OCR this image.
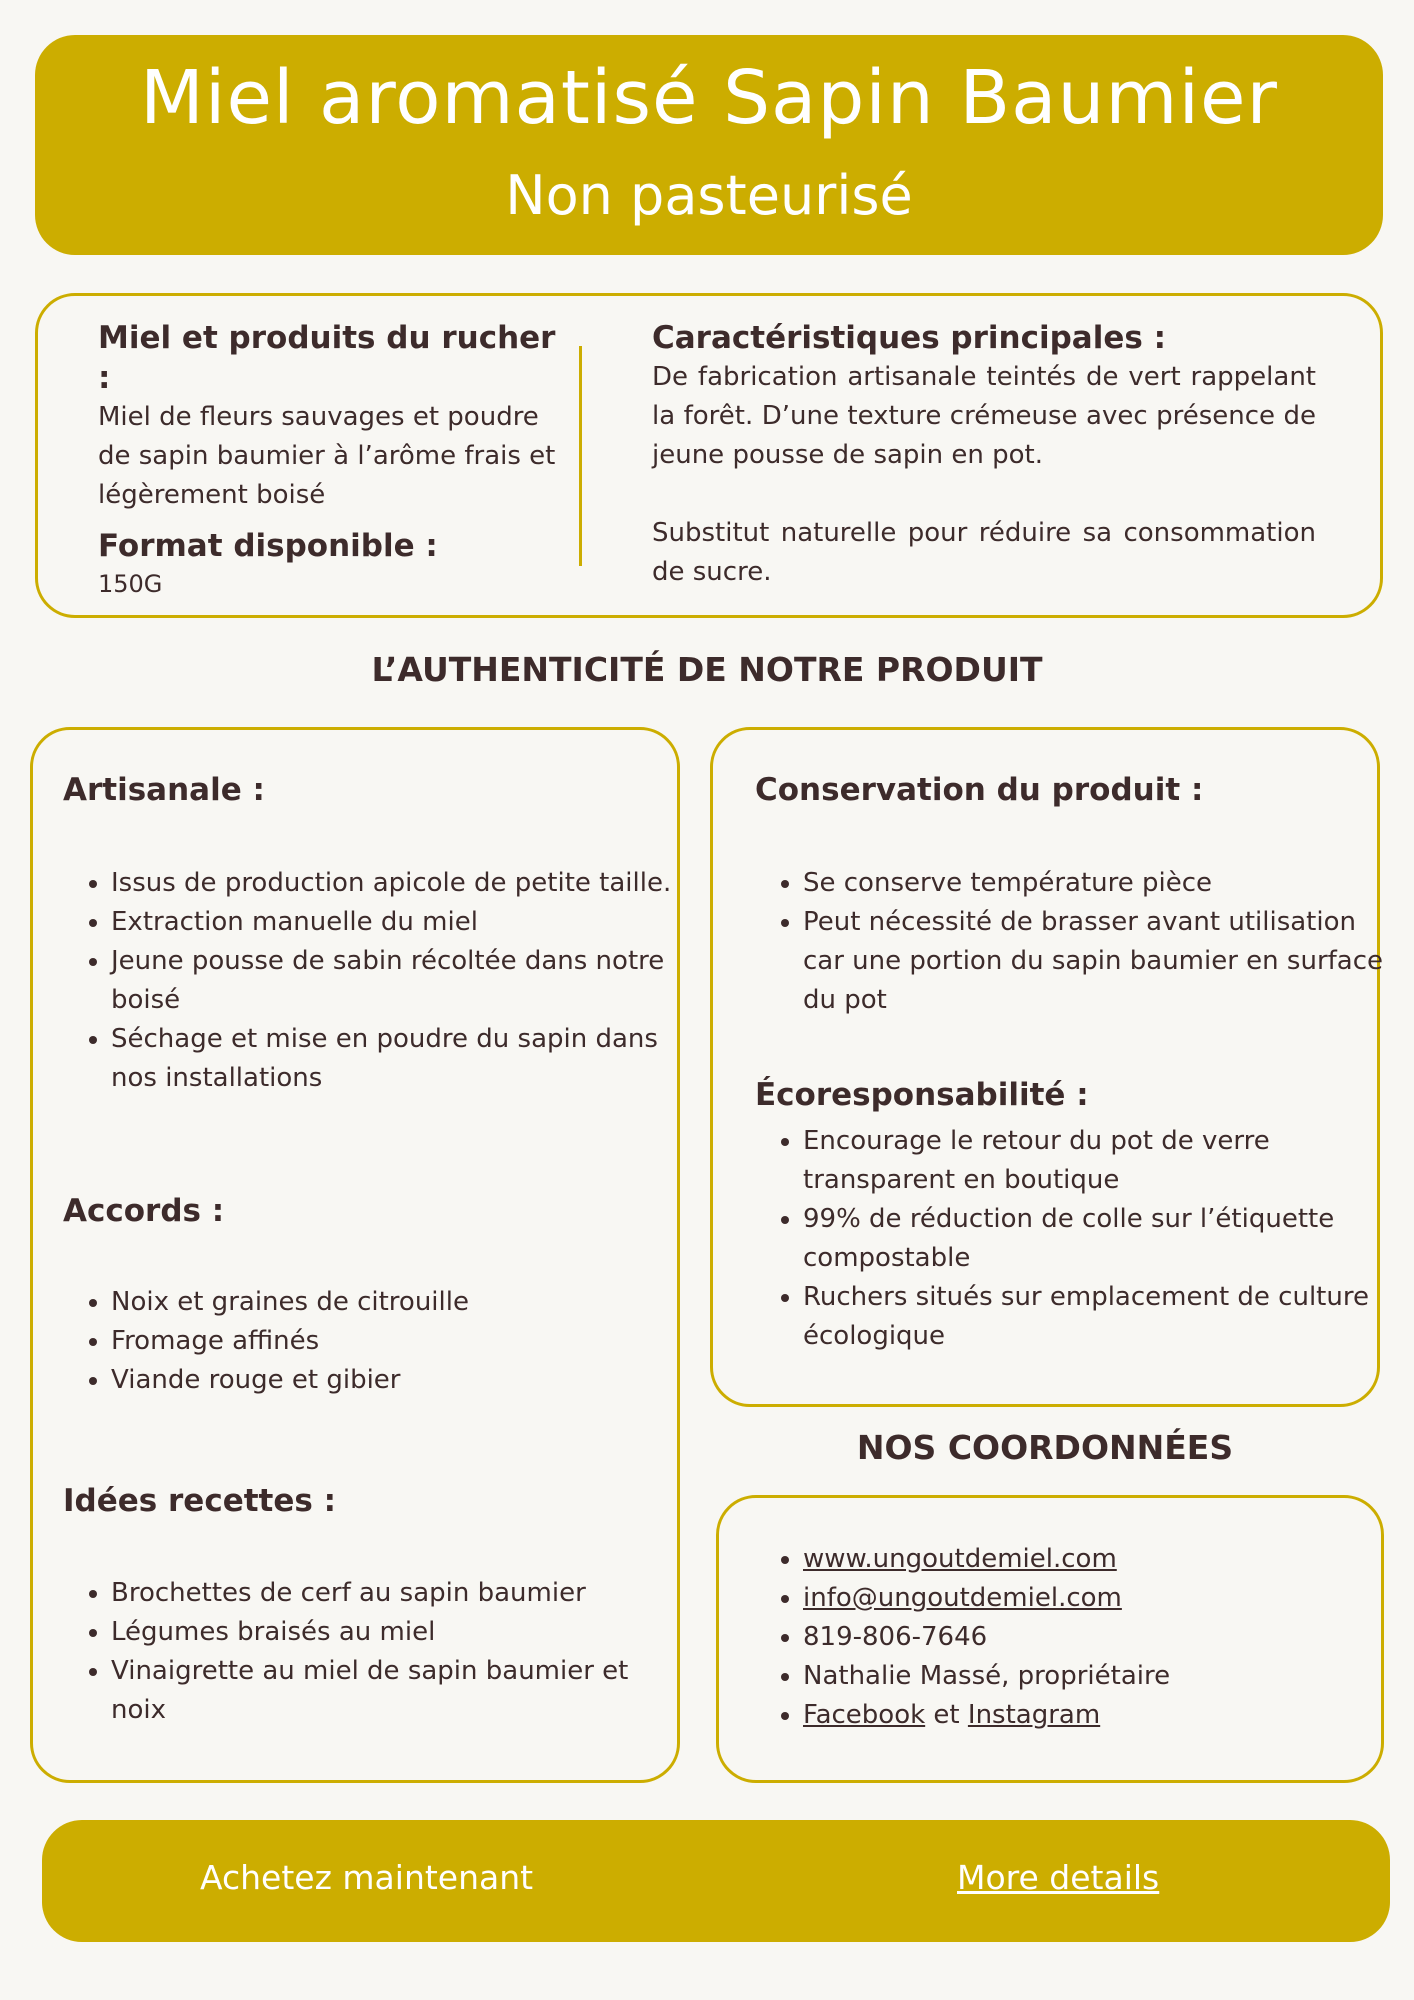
Miel aromatisé Sapin Baumier
Non pasteurisé
Miel et produits du rucher :
Miel de fleurs sauvages et poudre de sapin baumier à l’arôme frais et légèrement boisé
Format disponible :
150G
Caractéristiques principales :
De fabrication artisanale teintés de vert rappelant la forêt. D’une texture crémeuse avec présence de jeune pousse de sapin en pot.
Substitut naturelle pour réduire sa consommation de sucre.
L’AUTHENTICITÉ DE NOTRE PRODUIT
Artisanale :
• Issus de production apicole de petite taille.
• Extraction manuelle du miel
• Jeune pousse de sabin récoltée dans notre boisé
• Séchage et mise en poudre du sapin dans nos installations
Accords :
• Noix et graines de citrouille
• Fromage affinés
• Viande rouge et gibier
Idées recettes :
• Brochettes de cerf au sapin baumier
• Légumes braisés au miel
• Vinaigrette au miel de sapin baumier et noix
Conservation du produit :
• Se conserve température pièce
• Peut nécessité de brasser avant utilisation car une portion du sapin baumier en surface du pot
Écoresponsabilité :
• Encourage le retour du pot de verre transparent en boutique
• 99% de réduction de colle sur l’étiquette compostable
• Ruchers situés sur emplacement de culture écologique
NOS COORDONNÉES
• www.ungoutdemiel.com
• info@ungoutdemiel.com
• 819-806-7646
• Nathalie Massé, propriétaire
• Facebook et Instagram
Achetez maintenant	More details
